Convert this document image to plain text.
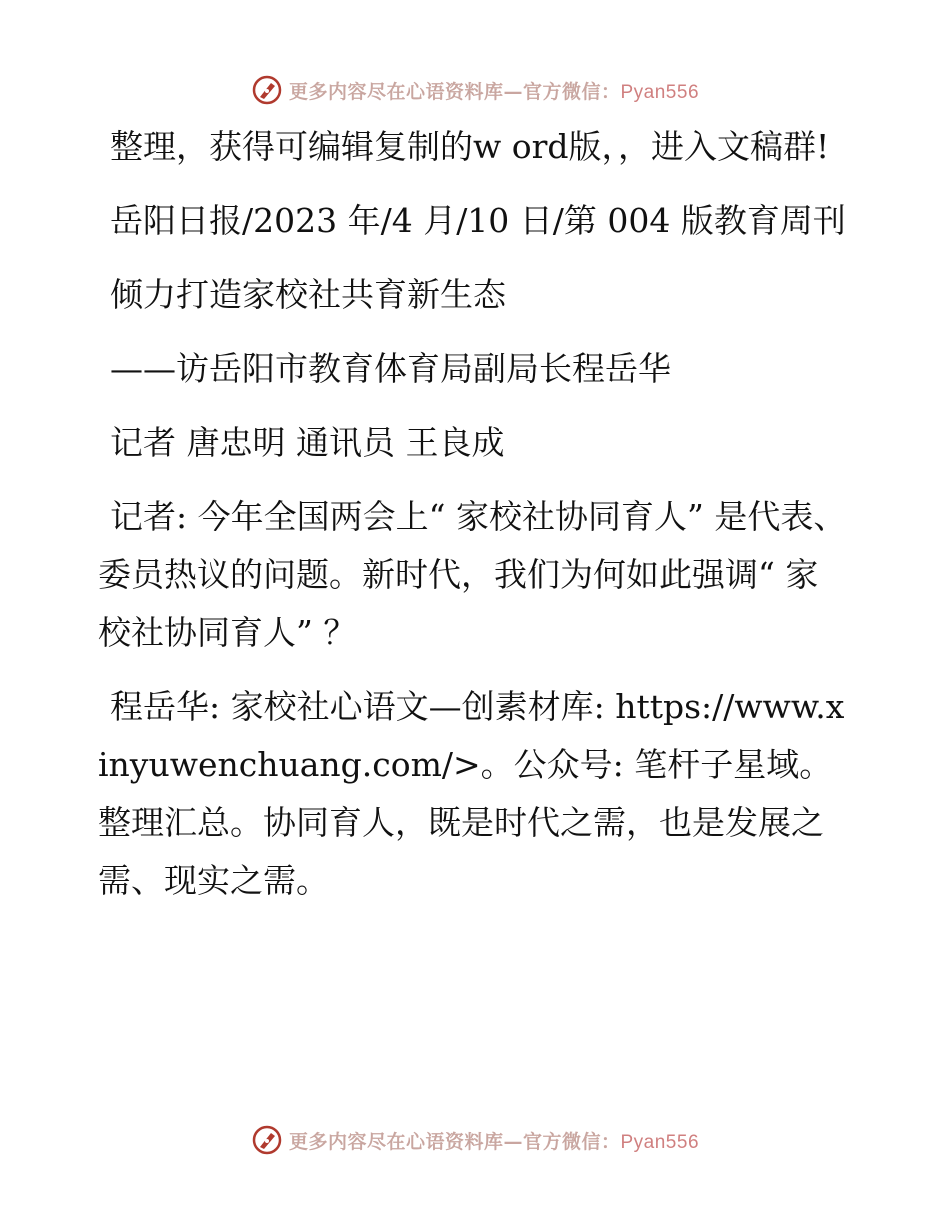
更多内容尽在心语资料库—官方微信：Pyan556

整理，获得可编辑复制的w ord版，，进入文稿群!

岳阳日报/2023 年/4 月/10 日/第 004 版教育周刊

倾力打造家校社共育新生态

——访岳阳市教育体育局副局长程岳华

记者 唐忠明 通讯员 王良成

记者: 今年全国两会上“ 家校社协同育人” 是代表、委员热议的问题。新时代，我们为何如此强调“ 家校社协同育人” ？

程岳华: 家校社心语文—创素材库: https://www.xinyuwenchuang.com/>。公众号: 笔杆子星域。整理汇总。协同育人，既是时代之需，也是发展之需、现实之需。

更多内容尽在心语资料库—官方微信：Pyan556
